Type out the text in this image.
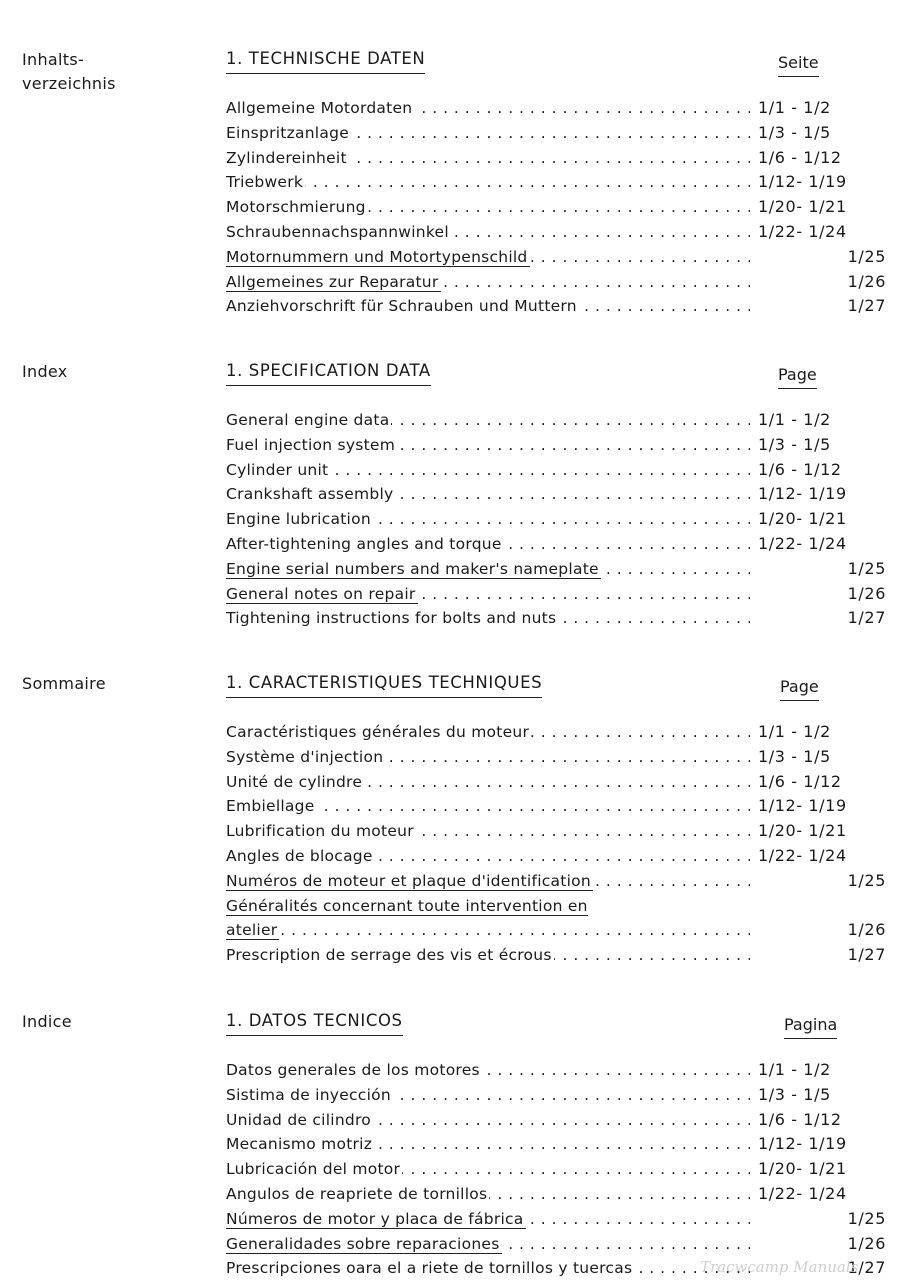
Inhalts-
verzeichnis
1. TECHNISCHE DATEN	Seite
Allgemeine Motordaten . . .	1/1 - 1/2
Einspritzanlage . . .	1/3 - 1/5
Zylindereinheit . . .	1/6 - 1/12
Triebwerk . . .	1/12- 1/19
Motorschmierung . . .	1/20- 1/21
Schraubennachspannwinkel . . .	1/22- 1/24
Motornummern und Motortypenschild . . .	1/25
Allgemeines zur Reparatur . . .	1/26
Anziehvorschrift für Schrauben und Muttern . . .	1/27
Index	1. SPECIFICATION DATA	Page
General engine data . . .	1/1 - 1/2
Fuel injection system . . .	1/3 - 1/5
Cylinder unit . . .	1/6 - 1/12
Crankshaft assembly . . .	1/12- 1/19
Engine lubrication . . .	1/20- 1/21
After-tightening angles and torque . . .	1/22- 1/24
Engine serial numbers and maker's nameplate . . .	1/25
General notes on repair . . .	1/26
Tightening instructions for bolts and nuts . . .	1/27
Sommaire	1. CARACTERISTIQUES TECHNIQUES	Page
Caractéristiques générales du moteur . . .	1/1 - 1/2
Système d'injection . . .	1/3 - 1/5
Unité de cylindre . . .	1/6 - 1/12
Embiellage . . .	1/12- 1/19
Lubrification du moteur . . .	1/20- 1/21
Angles de blocage . . .	1/22- 1/24
Numéros de moteur et plaque d'identification . . .	1/25
Généralités concernant toute intervention en
atelier . . .	1/26
Prescription de serrage des vis et écrous . . .	1/27
Indice	1. DATOS TECNICOS	Pagina
Datos generales de los motores . . .	1/1 - 1/2
Sistima de inyección . . .	1/3 - 1/5
Unidad de cilindro . . .	1/6 - 1/12
Mecanismo motriz . . .	1/12- 1/19
Lubricación del motor . . .	1/20- 1/21
Angulos de reapriete de tornillos . . .	1/22- 1/24
Números de motor y placa de fábrica . . .	1/25
Generalidades sobre reparaciones . . .	1/26
Prescripciones oara el a riete de tornillos y tuercas . . .	1/27
Tracwcamp Manuals
